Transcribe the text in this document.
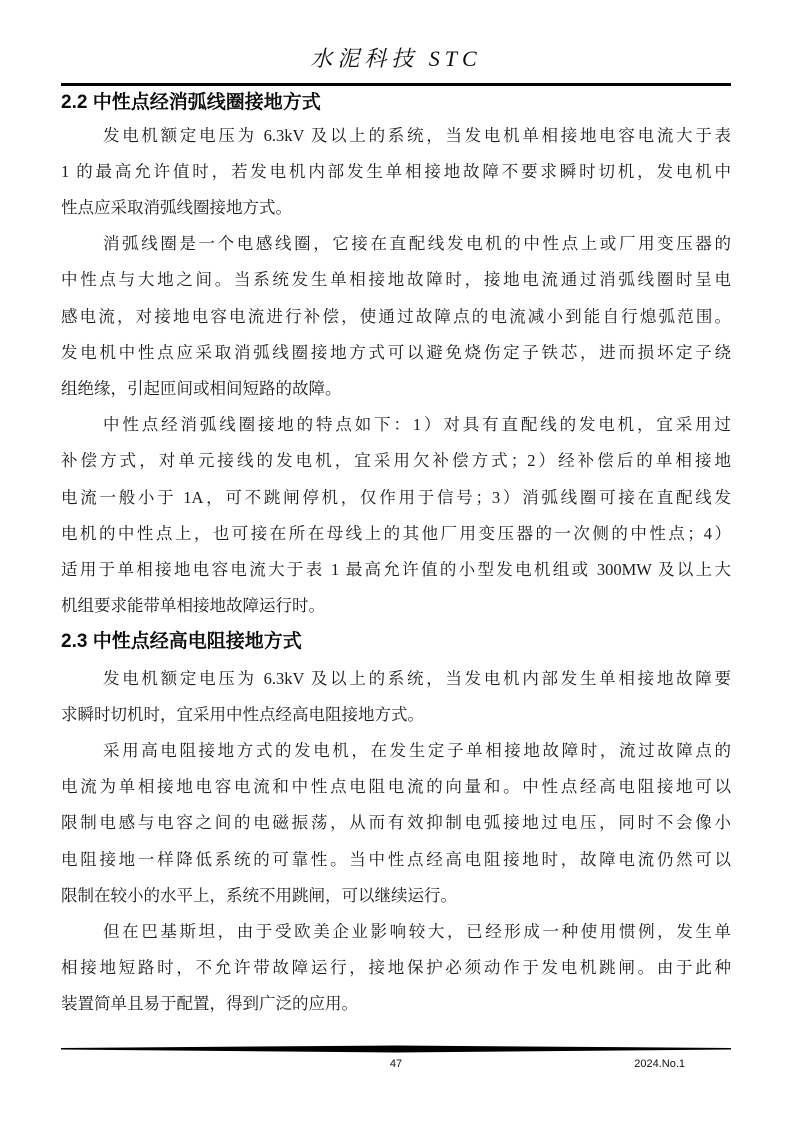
水泥科技 STC
2.2 中性点经消弧线圈接地方式
发电机额定电压为 6.3kV 及以上的系统，当发电机单相接地电容电流大于表
1 的最高允许值时，若发电机内部发生单相接地故障不要求瞬时切机，发电机中
性点应采取消弧线圈接地方式。
消弧线圈是一个电感线圈，它接在直配线发电机的中性点上或厂用变压器的
中性点与大地之间。当系统发生单相接地故障时，接地电流通过消弧线圈时呈电
感电流，对接地电容电流进行补偿，使通过故障点的电流减小到能自行熄弧范围。
发电机中性点应采取消弧线圈接地方式可以避免烧伤定子铁芯，进而损坏定子绕
组绝缘，引起匝间或相间短路的故障。
中性点经消弧线圈接地的特点如下：1）对具有直配线的发电机，宜采用过
补偿方式，对单元接线的发电机，宜采用欠补偿方式；2）经补偿后的单相接地
电流一般小于 1A，可不跳闸停机，仅作用于信号；3）消弧线圈可接在直配线发
电机的中性点上，也可接在所在母线上的其他厂用变压器的一次侧的中性点；4）
适用于单相接地电容电流大于表 1 最高允许值的小型发电机组或 300MW 及以上大
机组要求能带单相接地故障运行时。
2.3 中性点经高电阻接地方式
发电机额定电压为 6.3kV 及以上的系统，当发电机内部发生单相接地故障要
求瞬时切机时，宜采用中性点经高电阻接地方式。
采用高电阻接地方式的发电机，在发生定子单相接地故障时，流过故障点的
电流为单相接地电容电流和中性点电阻电流的向量和。中性点经高电阻接地可以
限制电感与电容之间的电磁振荡，从而有效抑制电弧接地过电压，同时不会像小
电阻接地一样降低系统的可靠性。当中性点经高电阻接地时，故障电流仍然可以
限制在较小的水平上，系统不用跳闸，可以继续运行。
但在巴基斯坦，由于受欧美企业影响较大，已经形成一种使用惯例，发生单
相接地短路时，不允许带故障运行，接地保护必须动作于发电机跳闸。由于此种
装置简单且易于配置，得到广泛的应用。
47	2024.No.1
